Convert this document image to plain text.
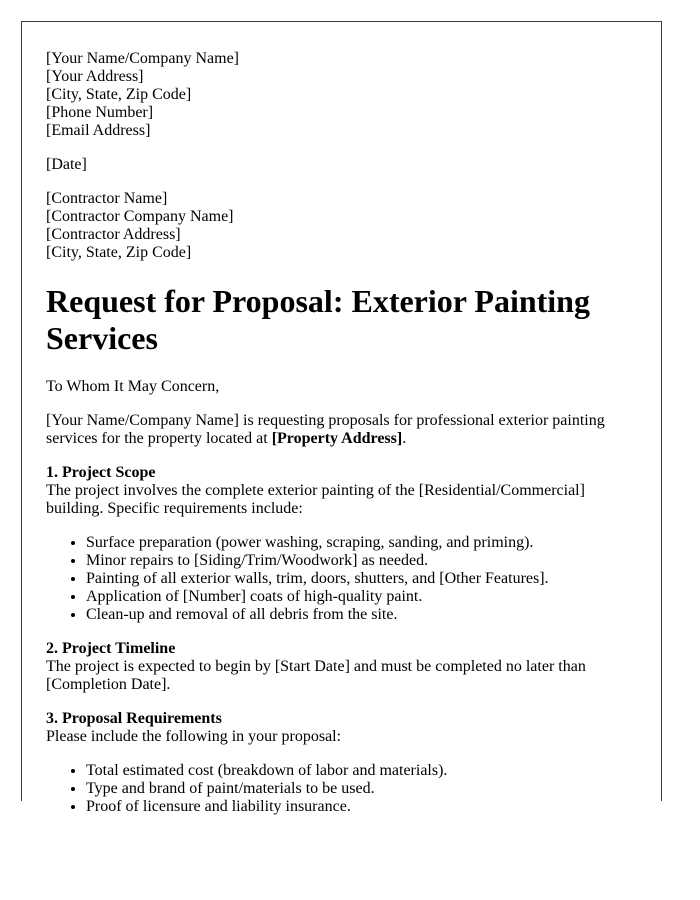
[Your Name/Company Name]
[Your Address]
[City, State, Zip Code]
[Phone Number]
[Email Address]

[Date]

[Contractor Name]
[Contractor Company Name]
[Contractor Address]
[City, State, Zip Code]
Request for Proposal: Exterior Painting Services

To Whom It May Concern,

[Your Name/Company Name] is requesting proposals for professional exterior painting services for the property located at [Property Address].

1. Project Scope
The project involves the complete exterior painting of the [Residential/Commercial] building. Specific requirements include:

• Surface preparation (power washing, scraping, sanding, and priming).
• Minor repairs to [Siding/Trim/Woodwork] as needed.
• Painting of all exterior walls, trim, doors, shutters, and [Other Features].
• Application of [Number] coats of high-quality paint.
• Clean-up and removal of all debris from the site.

2. Project Timeline
The project is expected to begin by [Start Date] and must be completed no later than [Completion Date].

3. Proposal Requirements
Please include the following in your proposal:

• Total estimated cost (breakdown of labor and materials).
• Type and brand of paint/materials to be used.
• Proof of licensure and liability insurance.
